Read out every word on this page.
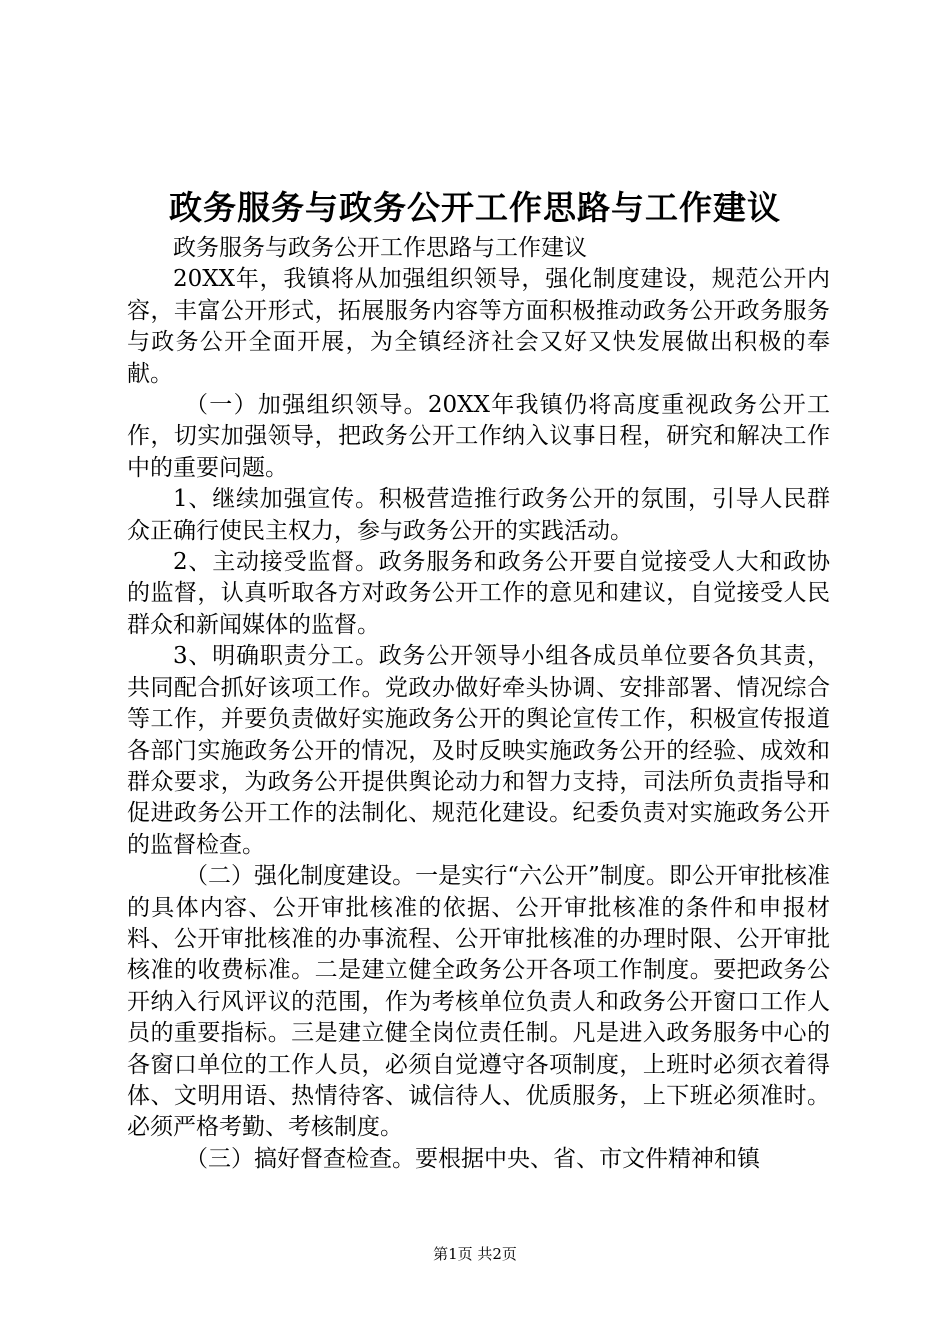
政务服务与政务公开工作思路与工作建议

政务服务与政务公开工作思路与工作建议

20XX年，我镇将从加强组织领导，强化制度建设，规范公开内容，丰富公开形式，拓展服务内容等方面积极推动政务公开政务服务与政务公开全面开展，为全镇经济社会又好又快发展做出积极的奉献。

（一）加强组织领导。20XX年我镇仍将高度重视政务公开工作，切实加强领导，把政务公开工作纳入议事日程，研究和解决工作中的重要问题。

1、继续加强宣传。积极营造推行政务公开的氛围，引导人民群众正确行使民主权力，参与政务公开的实践活动。

2、主动接受监督。政务服务和政务公开要自觉接受人大和政协的监督，认真听取各方对政务公开工作的意见和建议，自觉接受人民群众和新闻媒体的监督。

3、明确职责分工。政务公开领导小组各成员单位要各负其责，共同配合抓好该项工作。党政办做好牵头协调、安排部署、情况综合等工作，并要负责做好实施政务公开的舆论宣传工作，积极宣传报道各部门实施政务公开的情况，及时反映实施政务公开的经验、成效和群众要求，为政务公开提供舆论动力和智力支持，司法所负责指导和促进政务公开工作的法制化、规范化建设。纪委负责对实施政务公开的监督检查。

（二）强化制度建设。一是实行“六公开”制度。即公开审批核准的具体内容、公开审批核准的依据、公开审批核准的条件和申报材料、公开审批核准的办事流程、公开审批核准的办理时限、公开审批核准的收费标准。二是建立健全政务公开各项工作制度。要把政务公开纳入行风评议的范围，作为考核单位负责人和政务公开窗口工作人员的重要指标。三是建立健全岗位责任制。凡是进入政务服务中心的各窗口单位的工作人员，必须自觉遵守各项制度，上班时必须衣着得体、文明用语、热情待客、诚信待人、优质服务，上下班必须准时。必须严格考勤、考核制度。

（三）搞好督查检查。要根据中央、省、市文件精神和镇

第1页 共2页
